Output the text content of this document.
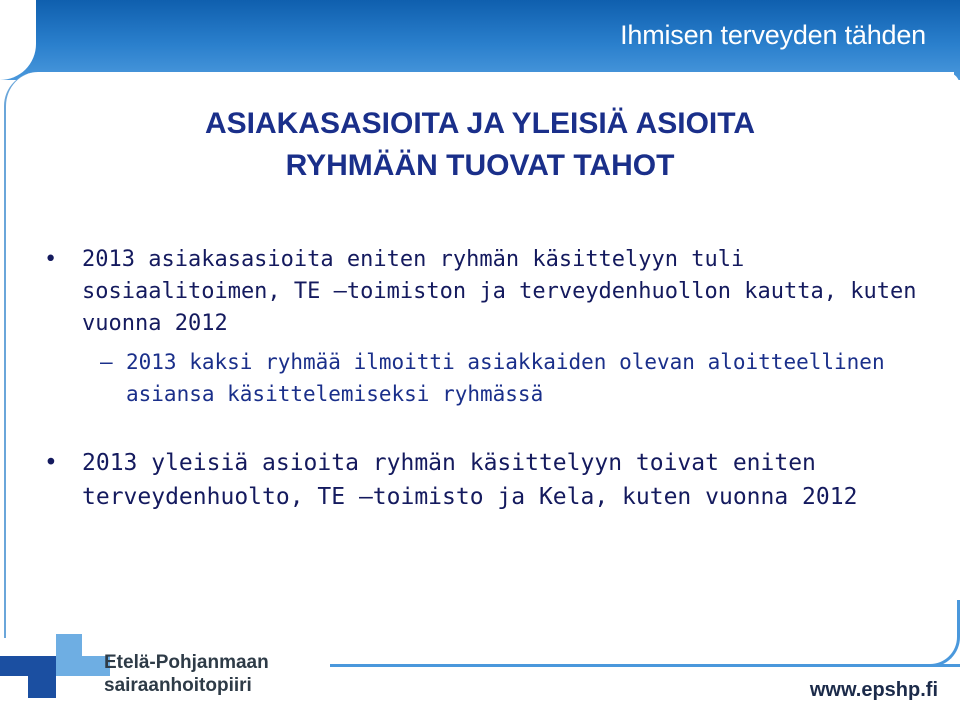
Ihmisen terveyden tähden
ASIAKASASIOITA JA YLEISIÄ ASIOITA
RYHMÄÄN TUOVAT TAHOT
•	2013 asiakasasioita eniten ryhmän käsittelyyn tuli sosiaalitoimen, TE –toimiston ja terveydenhuollon kautta, kuten vuonna 2012
– 2013 kaksi ryhmää ilmoitti asiakkaiden olevan aloitteellinen asiansa käsittelemiseksi ryhmässä
•	2013 yleisiä asioita ryhmän käsittelyyn toivat eniten terveydenhuolto, TE –toimisto ja Kela, kuten vuonna 2012
Etelä-Pohjanmaan
sairaanhoitopiiri	www.epshp.fi
